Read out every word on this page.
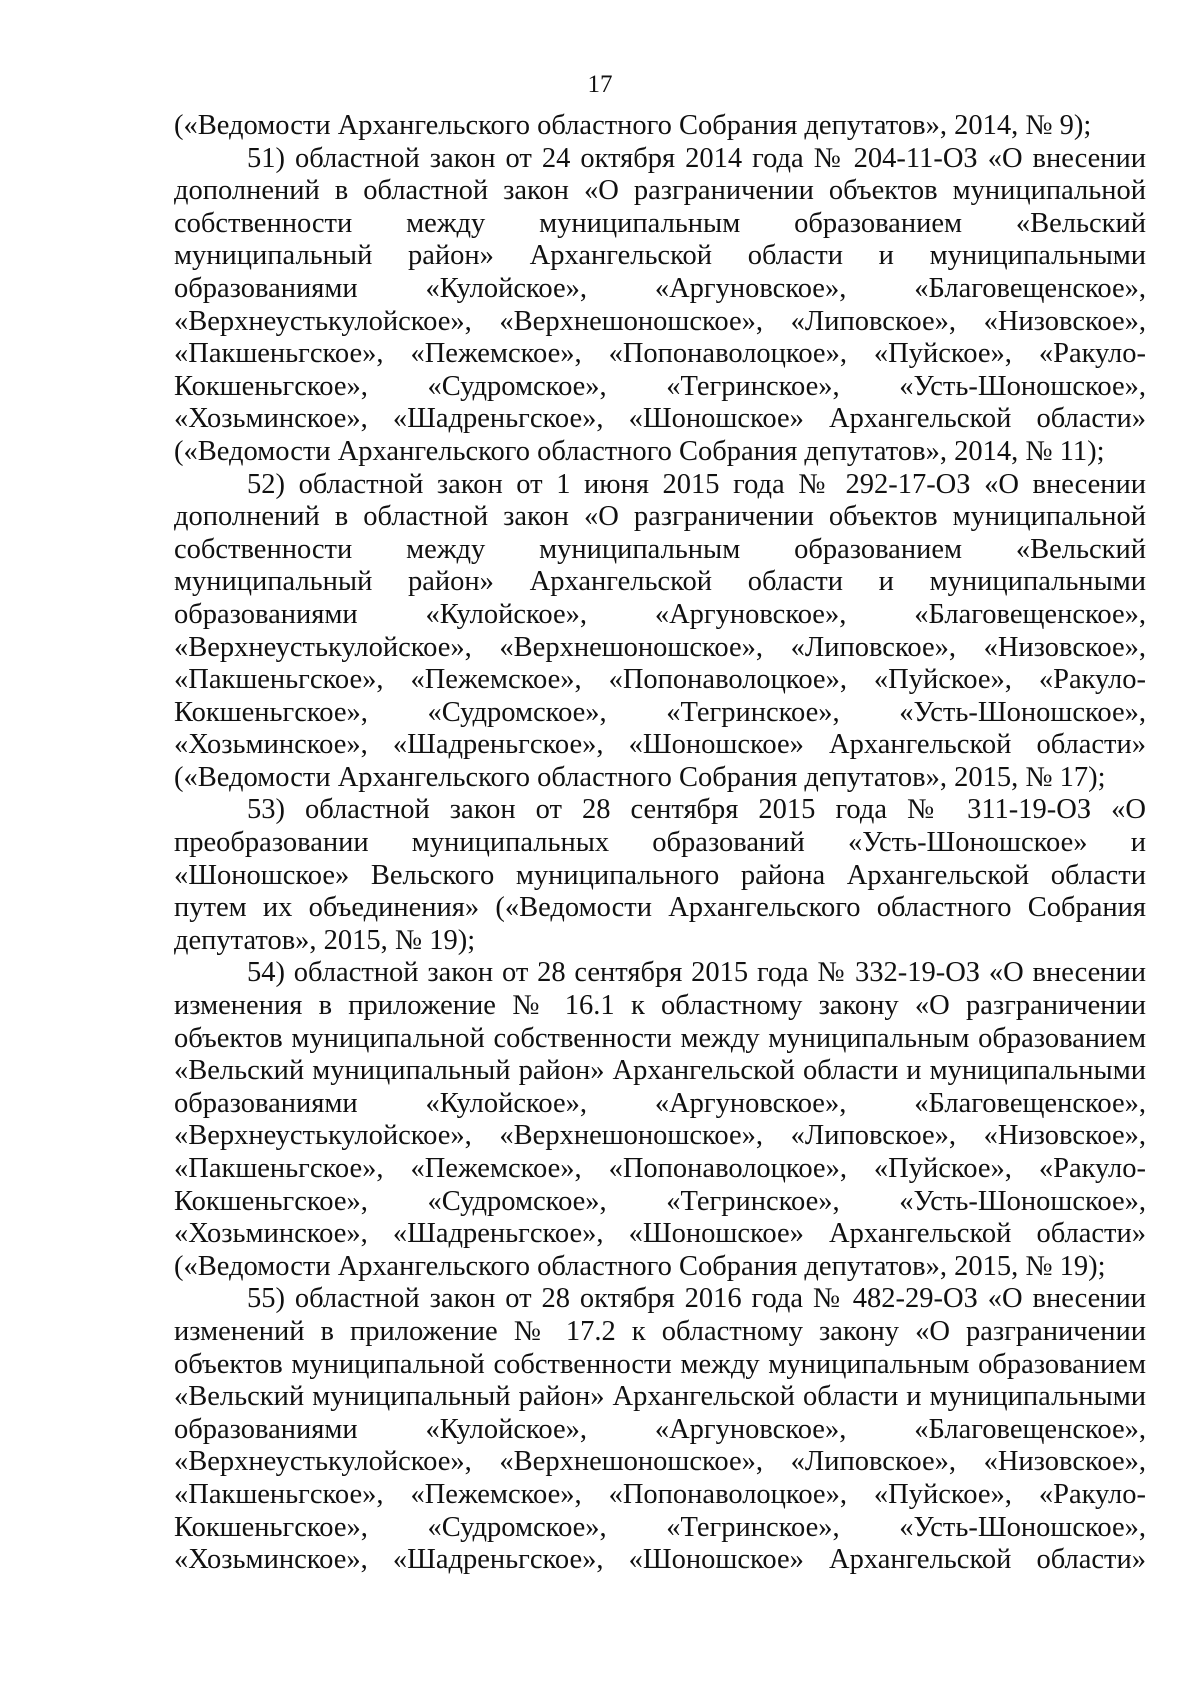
17

(«Ведомости Архангельского областного Собрания депутатов», 2014, № 9);

51) областной закон от 24 октября 2014 года № 204-11-ОЗ «О внесении дополнений в областной закон «О разграничении объектов муниципальной собственности между муниципальным образованием «Вельский муниципальный район» Архангельской области и муниципальными образованиями «Кулойское», «Аргуновское», «Благовещенское», «Верхнеустькулойское», «Верхнешоношское», «Липовское», «Низовское», «Пакшеньгское», «Пежемское», «Попонаволоцкое», «Пуйское», «Ракуло-Кокшеньгское», «Судромское», «Тегринское», «Усть-Шоношское», «Хозьминское», «Шадреньгское», «Шоношское» Архангельской области» («Ведомости Архангельского областного Собрания депутатов», 2014, № 11);

52) областной закон от 1 июня 2015 года № 292-17-ОЗ «О внесении дополнений в областной закон «О разграничении объектов муниципальной собственности между муниципальным образованием «Вельский муниципальный район» Архангельской области и муниципальными образованиями «Кулойское», «Аргуновское», «Благовещенское», «Верхнеустькулойское», «Верхнешоношское», «Липовское», «Низовское», «Пакшеньгское», «Пежемское», «Попонаволоцкое», «Пуйское», «Ракуло-Кокшеньгское», «Судромское», «Тегринское», «Усть-Шоношское», «Хозьминское», «Шадреньгское», «Шоношское» Архангельской области» («Ведомости Архангельского областного Собрания депутатов», 2015, № 17);

53) областной закон от 28 сентября 2015 года № 311-19-ОЗ «О преобразовании муниципальных образований «Усть-Шоношское» и «Шоношское» Вельского муниципального района Архангельской области путем их объединения» («Ведомости Архангельского областного Собрания депутатов», 2015, № 19);

54) областной закон от 28 сентября 2015 года № 332-19-ОЗ «О внесении изменения в приложение № 16.1 к областному закону «О разграничении объектов муниципальной собственности между муниципальным образованием «Вельский муниципальный район» Архангельской области и муниципальными образованиями «Кулойское», «Аргуновское», «Благовещенское», «Верхнеустькулойское», «Верхнешоношское», «Липовское», «Низовское», «Пакшеньгское», «Пежемское», «Попонаволоцкое», «Пуйское», «Ракуло-Кокшеньгское», «Судромское», «Тегринское», «Усть-Шоношское», «Хозьминское», «Шадреньгское», «Шоношское» Архангельской области» («Ведомости Архангельского областного Собрания депутатов», 2015, № 19);

55) областной закон от 28 октября 2016 года № 482-29-ОЗ «О внесении изменений в приложение № 17.2 к областному закону «О разграничении объектов муниципальной собственности между муниципальным образованием «Вельский муниципальный район» Архангельской области и муниципальными образованиями «Кулойское», «Аргуновское», «Благовещенское», «Верхнеустькулойское», «Верхнешоношское», «Липовское», «Низовское», «Пакшеньгское», «Пежемское», «Попонаволоцкое», «Пуйское», «Ракуло-Кокшеньгское», «Судромское», «Тегринское», «Усть-Шоношское», «Хозьминское», «Шадреньгское», «Шоношское» Архангельской области»
